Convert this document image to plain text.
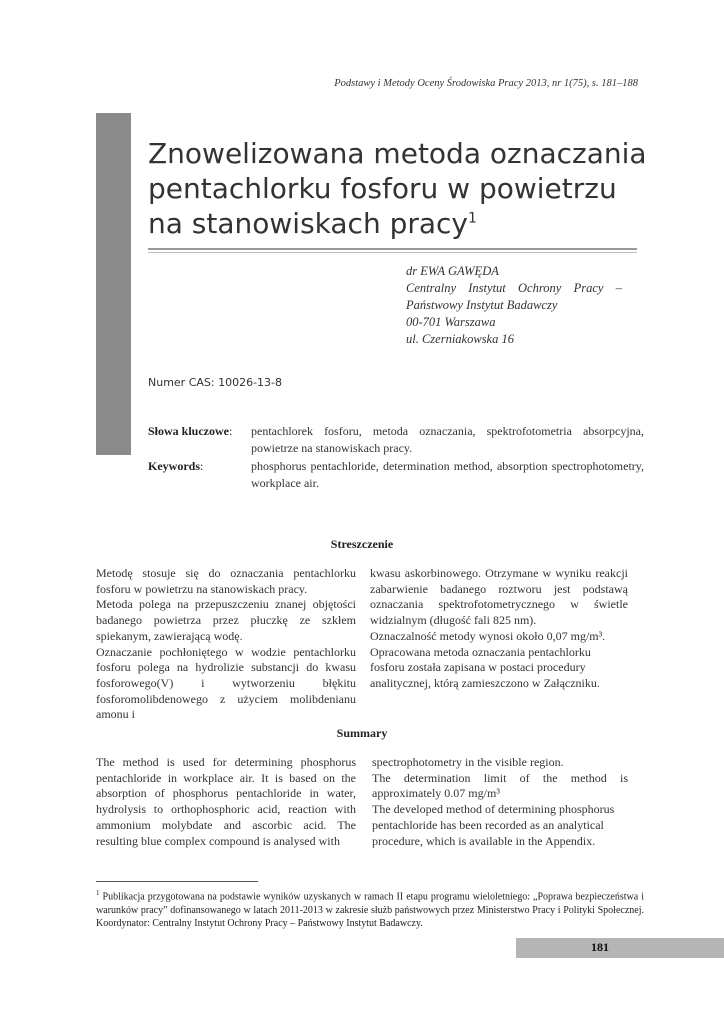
Podstawy i Metody Oceny Środowiska Pracy 2013, nr 1(75), s. 181–188
Znowelizowana metoda oznaczania
pentachlorku fosforu w powietrzu
na stanowiskach pracy$^1$
dr EWA GAWĘDA
Centralny Instytut Ochrony Pracy –
Państwowy Instytut Badawczy
00-701 Warszawa
ul. Czerniakowska 16
Numer CAS: 10026-13-8
Słowa kluczowe: pentachlorek fosforu, metoda oznaczania, spektrofotometria absorpcyjna, powietrze na stanowiskach pracy.
Keywords:	phosphorus pentachloride, determination method, absorption spectrophotometry, workplace air.
Streszczenie

Metodę stosuje się do oznaczania pentachlorku fosforu w powietrzu na stanowiskach pracy.

Metoda polega na przepuszczeniu znanej objętości badanego powietrza przez płuczkę ze szkłem spiekanym, zawierającą wodę.

Oznaczanie pochłoniętego w wodzie pentachlorku fosforu polega na hydrolizie substancji do kwasu fosforowego(V) i wytworzeniu błękitu fosforomolibdenowego z użyciem molibdenianu amonu i

kwasu askorbinowego. Otrzymane w wyniku reakcji zabarwienie badanego roztworu jest podstawą oznaczania spektrofotometrycznego w świetle widzialnym (długość fali 825 nm).

Oznaczalność metody wynosi około 0,07 mg/m³.

Opracowana metoda oznaczania pentachlorku fosforu została zapisana w postaci procedury analitycznej, którą zamieszczono w Załączniku.

Summary

The method is used for determining phosphorus pentachloride in workplace air. It is based on the absorption of phosphorus pentachloride in water, hydrolysis to orthophosphoric acid, reaction with ammonium molybdate and ascorbic acid. The resulting blue complex compound is analysed with

spectrophotometry in the visible region.

The determination limit of the method is approximately 0.07 mg/m³

The developed method of determining phosphorus pentachloride has been recorded as an analytical procedure, which is available in the Appendix.

$^1$ Publikacja przygotowana na podstawie wyników uzyskanych w ramach II etapu programu wieloletniego: „Poprawa bezpieczeństwa i warunków pracy” dofinansowanego w latach 2011-2013 w zakresie służb państwowych przez Ministerstwo Pracy i Polityki Społecznej. Koordynator: Centralny Instytut Ochrony Pracy – Państwowy Instytut Badawczy.
181
